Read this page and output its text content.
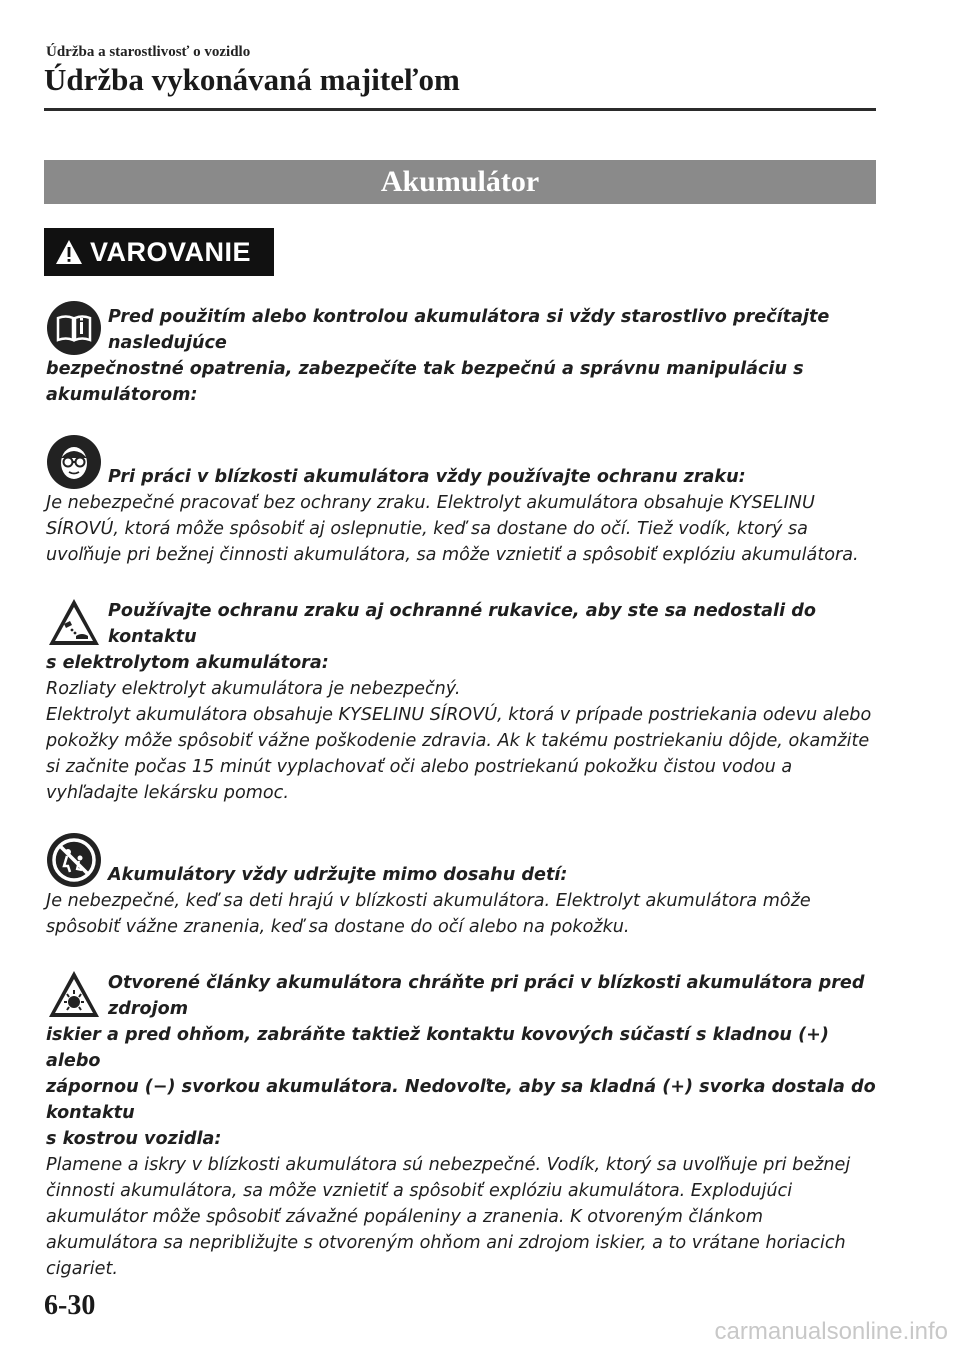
Údržba a starostlivosť o vozidlo
Údržba vykonávaná majiteľom
Akumulátor
VAROVANIE
Pred použitím alebo kontrolou akumulátora si vždy starostlivo prečítajte nasledujúce
bezpečnostné opatrenia, zabezpečíte tak bezpečnú a správnu manipuláciu s akumulátorom:
Pri práci v blízkosti akumulátora vždy používajte ochranu zraku:

Je nebezpečné pracovať bez ochrany zraku. Elektrolyt akumulátora obsahuje KYSELINU

SÍROVÚ, ktorá môže spôsobiť aj oslepnutie, keď sa dostane do očí. Tiež vodík, ktorý sa

uvoľňuje pri bežnej činnosti akumulátora, sa môže vznietiť a spôsobiť explóziu akumulátora.

Používajte ochranu zraku aj ochranné rukavice, aby ste sa nedostali do kontaktu
s elektrolytom akumulátora:

Rozliaty elektrolyt akumulátora je nebezpečný.

Elektrolyt akumulátora obsahuje KYSELINU SÍROVÚ, ktorá v prípade postriekania odevu alebo

pokožky môže spôsobiť vážne poškodenie zdravia. Ak k takému postriekaniu dôjde, okamžite

si začnite počas 15 minút vyplachovať oči alebo postriekanú pokožku čistou vodou a

vyhľadajte lekársku pomoc.

Akumulátory vždy udržujte mimo dosahu detí:

Je nebezpečné, keď sa deti hrajú v blízkosti akumulátora. Elektrolyt akumulátora môže

spôsobiť vážne zranenia, keď sa dostane do očí alebo na pokožku.

Otvorené články akumulátora chráňte pri práci v blízkosti akumulátora pred zdrojom
iskier a pred ohňom, zabráňte taktiež kontaktu kovových súčastí s kladnou (+) alebo
zápornou (−) svorkou akumulátora. Nedovoľte, aby sa kladná (+) svorka dostala do kontaktu
s kostrou vozidla:

Plamene a iskry v blízkosti akumulátora sú nebezpečné. Vodík, ktorý sa uvoľňuje pri bežnej

činnosti akumulátora, sa môže vznietiť a spôsobiť explóziu akumulátora. Explodujúci

akumulátor môže spôsobiť závažné popáleniny a zranenia. K otvoreným článkom

akumulátora sa nepribližujte s otvoreným ohňom ani zdrojom iskier, a to vrátane horiacich

cigariet.

6-30
carmanualsonline.info
